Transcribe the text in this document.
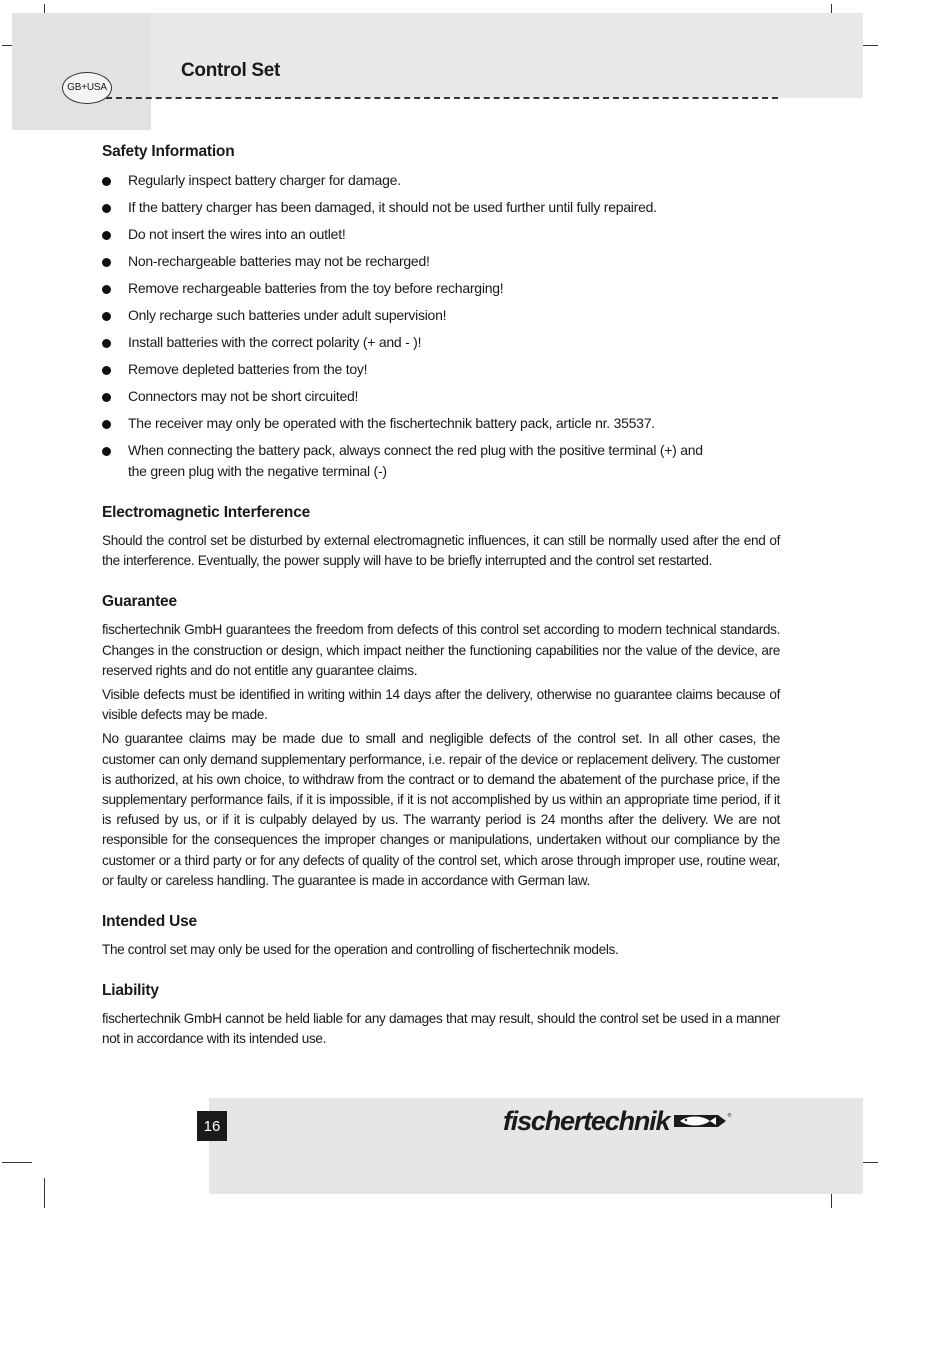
GB+USA
Control Set
Safety Information
Regularly inspect battery charger for damage.
If the battery charger has been damaged, it should not be used further until fully repaired.
Do not insert the wires into an outlet!
Non-rechargeable batteries may not be recharged!
Remove rechargeable batteries from the toy before recharging!
Only recharge such batteries under adult supervision!
Install batteries with the correct polarity (+ and - )!
Remove depleted batteries from the toy!
Connectors may not be short circuited!
The receiver may only be operated with the fischertechnik battery pack, article nr. 35537.
When connecting the battery pack, always connect the red plug with the positive terminal (+) and the green plug with the negative terminal (-)
Electromagnetic Interference

Should the control set be disturbed by external electromagnetic influences, it can still be normally used after the end of the interference. Eventually, the power supply will have to be briefly interrupted and the control set restarted.

Guarantee

fischertechnik GmbH guarantees the freedom from defects of this control set according to modern technical standards. Changes in the construction or design, which impact neither the functioning capabilities nor the value of the device, are reserved rights and do not entitle any guarantee claims.

Visible defects must be identified in writing within 14 days after the delivery, otherwise no guarantee claims because of visible defects may be made.

No guarantee claims may be made due to small and negligible defects of the control set. In all other cases, the customer can only demand supplementary performance, i.e. repair of the device or replacement delivery. The customer is authorized, at his own choice, to withdraw from the contract or to demand the abatement of the purchase price, if the supplementary performance fails, if it is impossible, if it is not accomplished by us within an appropriate time period, if it is refused by us, or if it is culpably delayed by us. The warranty period is 24 months after the delivery. We are not responsible for the consequences the improper changes or manipulations, undertaken without our compliance by the customer or a third party or for any defects of quality of the control set, which arose through improper use, routine wear, or faulty or careless handling. The guarantee is made in accordance with German law.

Intended Use

The control set may only be used for the operation and controlling of fischertechnik models.

Liability

fischertechnik GmbH cannot be held liable for any damages that may result, should the control set be used in a manner not in accordance with its intended use.

16	fischertechnik	®
